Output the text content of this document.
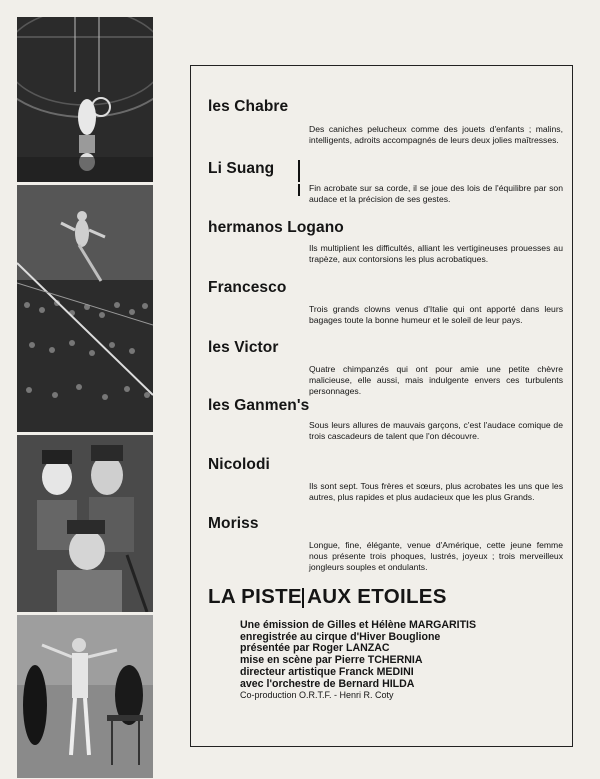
les Chabre
Des caniches pelucheux comme des jouets d'enfants ; malins, intelligents, adroits accompagnés de leurs deux jolies maîtresses.
Li Suang
Fin acrobate sur sa corde, il se joue des lois de l'équilibre par son audace et la précision de ses gestes.
hermanos Logano
Ils multiplient les difficultés, alliant les vertigineuses prouesses au trapèze, aux contorsions les plus acrobatiques.
Francesco
Trois grands clowns venus d'Italie qui ont apporté dans leurs bagages toute la bonne humeur et le soleil de leur pays.
les Victor
Quatre chimpanzés qui ont pour amie une petite chèvre malicieuse, elle aussi, mais indulgente envers ces turbulents personnages.
les Ganmen's
Sous leurs allures de mauvais garçons, c'est l'audace comique de trois cascadeurs de talent que l'on découvre.
Nicolodi
Ils sont sept. Tous frères et sœurs, plus acrobates les uns que les autres, plus rapides et plus audacieux que les plus Grands.
Moriss
Longue, fine, élégante, venue d'Amérique, cette jeune femme nous présente trois phoques, lustrés, joyeux ; trois merveilleux jongleurs souples et ondulants.
LA PISTE AUX ETOILES
Une émission de Gilles et Hélène MARGARITIS
enregistrée au cirque d'Hiver Bouglione
présentée par Roger LANZAC
mise en scène par Pierre TCHERNIA
directeur artistique Franck MEDINI
avec l'orchestre de Bernard HILDA
Co-production O.R.T.F. - Henri R. Coty
